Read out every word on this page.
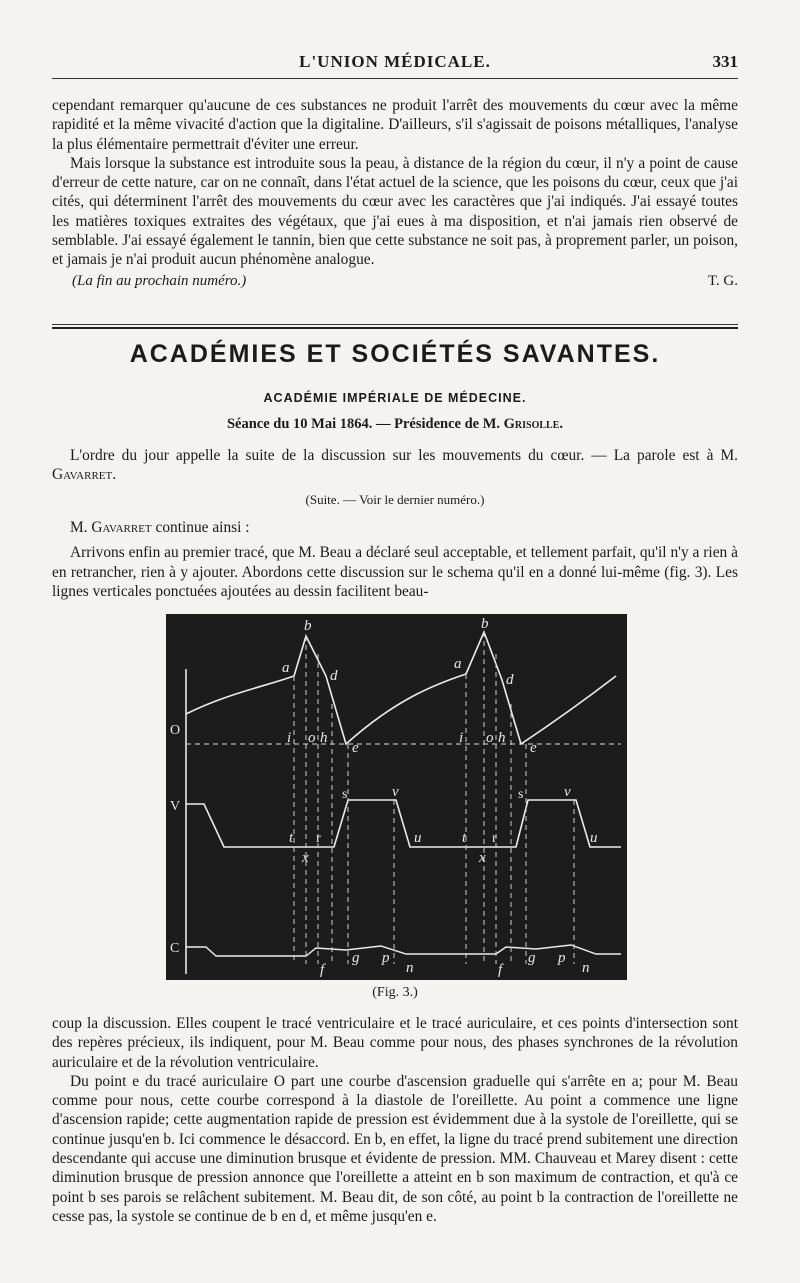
L'UNION MÉDICALE.	331

cependant remarquer qu'aucune de ces substances ne produit l'arrêt des mouvements du cœur avec la même rapidité et la même vivacité d'action que la digitaline. D'ailleurs, s'il s'agissait de poisons métalliques, l'analyse la plus élémentaire permettrait d'éviter une erreur.

Mais lorsque la substance est introduite sous la peau, à distance de la région du cœur, il n'y a point de cause d'erreur de cette nature, car on ne connaît, dans l'état actuel de la science, que les poisons du cœur, ceux que j'ai cités, qui déterminent l'arrêt des mouvements du cœur avec les caractères que j'ai indiqués. J'ai essayé toutes les matières toxiques extraites des végétaux, que j'ai eues à ma disposition, et n'ai jamais rien observé de semblable. J'ai essayé également le tannin, bien que cette substance ne soit pas, à proprement parler, un poison, et jamais je n'ai produit aucun phénomène analogue.

(La fin au prochain numéro.)	T. G.
ACADÉMIES ET SOCIÉTÉS SAVANTES.
ACADÉMIE IMPÉRIALE DE MÉDECINE.
Séance du 10 Mai 1864. — Présidence de M. Grisolle.

L'ordre du jour appelle la suite de la discussion sur les mouvements du cœur. — La parole est à M. Gavarret.

(Suite. — Voir le dernier numéro.)

M. Gavarret continue ainsi :

Arrivons enfin au premier tracé, que M. Beau a déclaré seul acceptable, et tellement parfait, qu'il n'y a rien à en retrancher, rien à y ajouter. Abordons cette discussion sur le schema qu'il en a donné lui-même (fig. 3). Les lignes verticales ponctuées ajoutées au dessin facilitent beau-

O
V
C
a	a
b	b
d	d
e	e
i	i
o	o
h	h
s	s
v	v
t	t
r	r
x	x
u	u
f	f
g	g
p	p
n	n
(Fig. 3.)

coup la discussion. Elles coupent le tracé ventriculaire et le tracé auriculaire, et ces points d'intersection sont des repères précieux, ils indiquent, pour M. Beau comme pour nous, des phases synchrones de la révolution auriculaire et de la révolution ventriculaire.

Du point e du tracé auriculaire O part une courbe d'ascension graduelle qui s'arrête en a; pour M. Beau comme pour nous, cette courbe correspond à la diastole de l'oreillette. Au point a commence une ligne d'ascension rapide; cette augmentation rapide de pression est évidemment due à la systole de l'oreillette, qui se continue jusqu'en b. Ici commence le désaccord. En b, en effet, la ligne du tracé prend subitement une direction descendante qui accuse une diminution brusque et évidente de pression. MM. Chauveau et Marey disent : cette diminution brusque de pression annonce que l'oreillette a atteint en b son maximum de contraction, et qu'à ce point b ses parois se relâchent subitement. M. Beau dit, de son côté, au point b la contraction de l'oreillette ne cesse pas, la systole se continue de b en d, et même jusqu'en e.
